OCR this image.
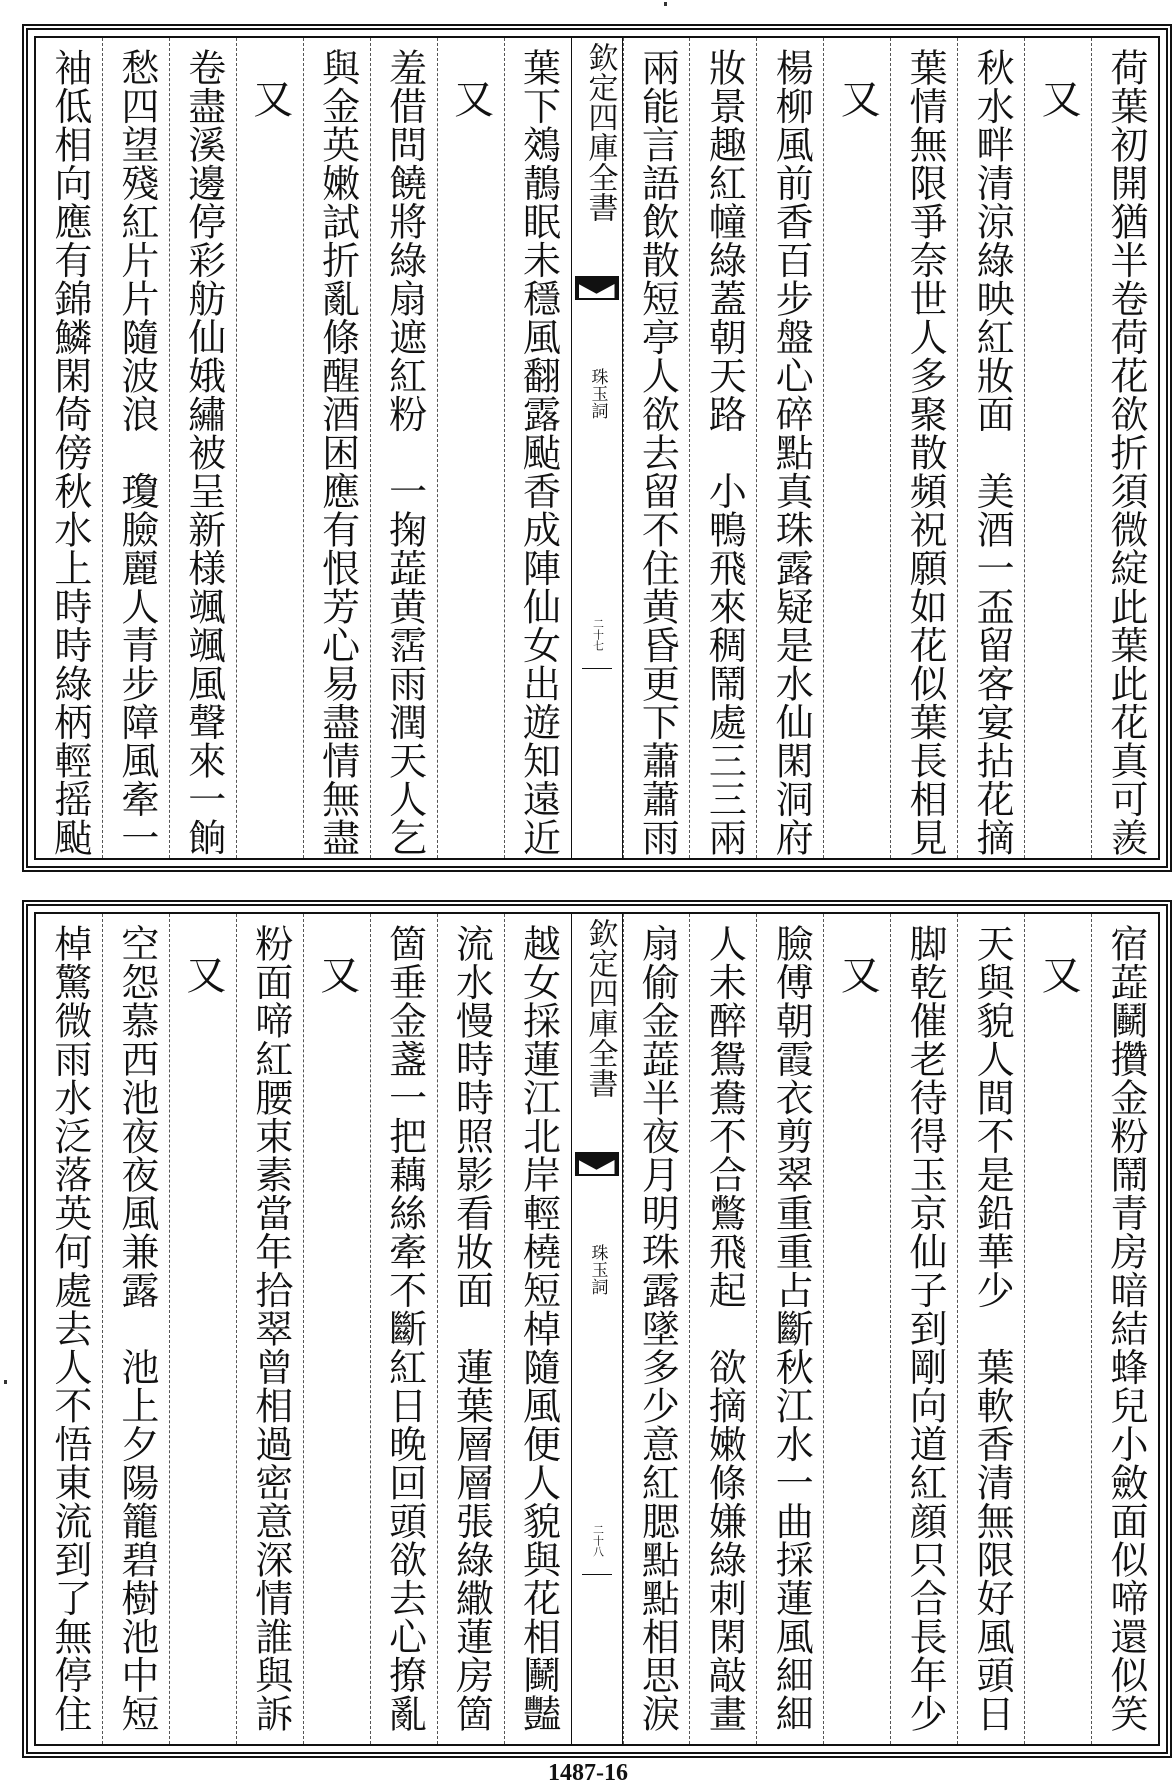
荷葉初開猶半卷荷花欲折須微綻此葉此花真可羨
又
秋水畔清涼綠映紅妝面　美酒一盃留客宴拈花摘
葉情無限爭奈世人多聚散頻祝願如花似葉長相見
又
楊柳風前香百步盤心碎點真珠露疑是水仙閑洞府
妝景趣紅幢綠蓋朝天路　小鴨飛來稠鬧處三三兩
兩能言語飲散短亭人欲去留不住黄昏更下蕭蕭雨
欽定四庫全書
珠玉詞
二十七
葉下鵁鶄眠未穩風翻露颭香成陣仙女出遊知遠近
又
羞借問饒將綠扇遮紅粉　一掬蕋黄霑雨潤天人乞
與金英嫩試折亂條醒酒困應有恨芳心易盡情無盡
又
卷盡溪邊停彩舫仙娥繡被呈新様颯颯風聲來一餉
愁四望殘紅片片隨波浪　瓊臉麗人青步障風牽一
袖低相向應有錦鱗閑倚傍秋水上時時綠柄輕摇颭
宿蕋鬭攢金粉鬧青房暗結蜂兒小斂面似啼還似笑
又
天與貌人間不是鉛華少　葉軟香清無限好風頭日
脚乾催老待得玉京仙子到剛向道紅顔只合長年少
又
臉傅朝霞衣剪翠重重占斷秋江水一曲採蓮風細細
人未醉鴛鴦不合鷩飛起　欲摘嫩條嫌綠刺閑敲畫
扇偷金蕋半夜月明珠露墜多少意紅腮點點相思淚
欽定四庫全書
珠玉詞
二十八
越女採蓮江北岸輕橈短棹隨風便人貌與花相鬭豔
流水慢時時照影看妝面　蓮葉層層張綠繖蓮房箇
箇垂金盞一把藕絲牽不斷紅日晚回頭欲去心撩亂
又
粉面啼紅腰束素當年拾翠曾相過密意深情誰與訴
又
空怨慕西池夜夜風兼露　池上夕陽籠碧樹池中短
棹驚微雨水泛落英何處去人不悟東流到了無停住
1487-16
